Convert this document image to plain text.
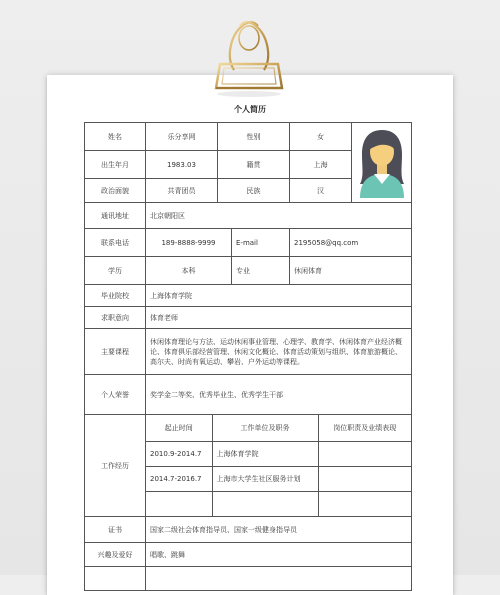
个人简历
姓名	乐分享网	性别	女	
出生年月	1983.03	籍贯	上海
政治面貌	共青团员	民族	汉
通讯地址	北京朝阳区
联系电话	189-8888-9999	E-mail	2195058@qq.com
学历	本科	专业	休闲体育
毕业院校	上海体育学院
求职意向	体育老师
主要课程	休闲体育理论与方法、运动休闲事业管理、心理学、教育学、休闲体育产业经济概论、体育俱乐部经营管理、休闲文化概论、体育活动策划与组织、体育旅游概论、高尔夫、时尚有氧运动、攀岩、户外运动等课程。
个人荣誉	奖学金二等奖、优秀毕业生、优秀学生干部
工作经历	
起止时间	工作单位及职务	岗位职责及业绩表现
2010.9-2014.7	上海体育学院	
2014.7-2016.7	上海市大学生社区服务计划	

证书	国家二级社会体育指导员、国家一级健身指导员
兴趣及爱好	唱歌、跳舞
